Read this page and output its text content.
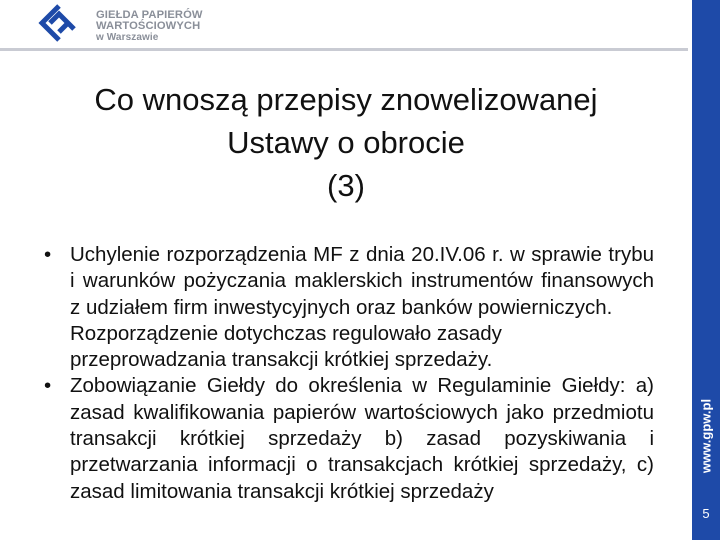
GIEŁDA PAPIERÓW
WARTOŚCIOWYCH
w Warszawie
www.gpw.pl
5
Co wnoszą przepisy znowelizowanej
Ustawy o obrocie
(3)
• Uchylenie rozporządzenia MF z dnia 20.IV.06 r. w sprawie trybu i warunków pożyczania maklerskich instrumentów finansowych z udziałem firm inwestycyjnych oraz banków powierniczych.
Rozporządzenie dotychczas regulowało zasady przeprowadzania transakcji krótkiej sprzedaży.
• Zobowiązanie Giełdy do określenia w Regulaminie Giełdy: a) zasad kwalifikowania papierów wartościowych jako przedmiotu transakcji krótkiej sprzedaży b) zasad pozyskiwania i przetwarzania informacji o transakcjach krótkiej sprzedaży, c) zasad limitowania transakcji krótkiej sprzedaży
